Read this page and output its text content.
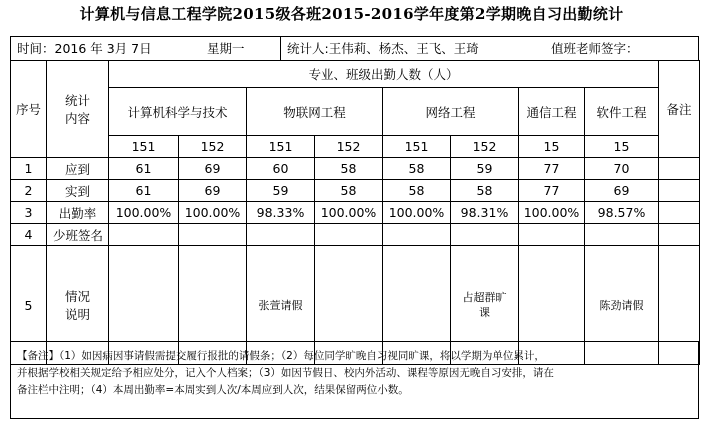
计算机与信息工程学院2015级各班2015-2016学年度第2学期晚自习出勤统计
时间：2016 年 3月 7日	星期一	统计人:王伟莉、杨杰、王飞、王琦	值班老师签字：
序号	统计
内容	专业、班级出勤人数（人）								备注
		计算机科学与技术		物联网工程		网络工程		通信工程	软件工程	
		151	152	151	152	151	152	15	15	
1	应到	61	69	60	58	58	59	77	70	
2	实到	61	69	59	58	58	58	77	69	
3	出勤率	100.00%	100.00%	98.33%	100.00%	100.00%	98.31%	100.00%	98.57%	
4	少班签名									
5	情况
说明			张萱请假			占超群旷课		陈劲请假	

【备注】（1）如因病因事请假需提交履行报批的请假条；（2）每位同学旷晚自习视同旷课，将以学期为单位累计，

并根据学校相关规定给予相应处分，记入个人档案；（3）如因节假日、校内外活动、课程等原因无晚自习安排，请在

备注栏中注明；（4）本周出勤率=本周实到人次/本周应到人次，结果保留两位小数。
